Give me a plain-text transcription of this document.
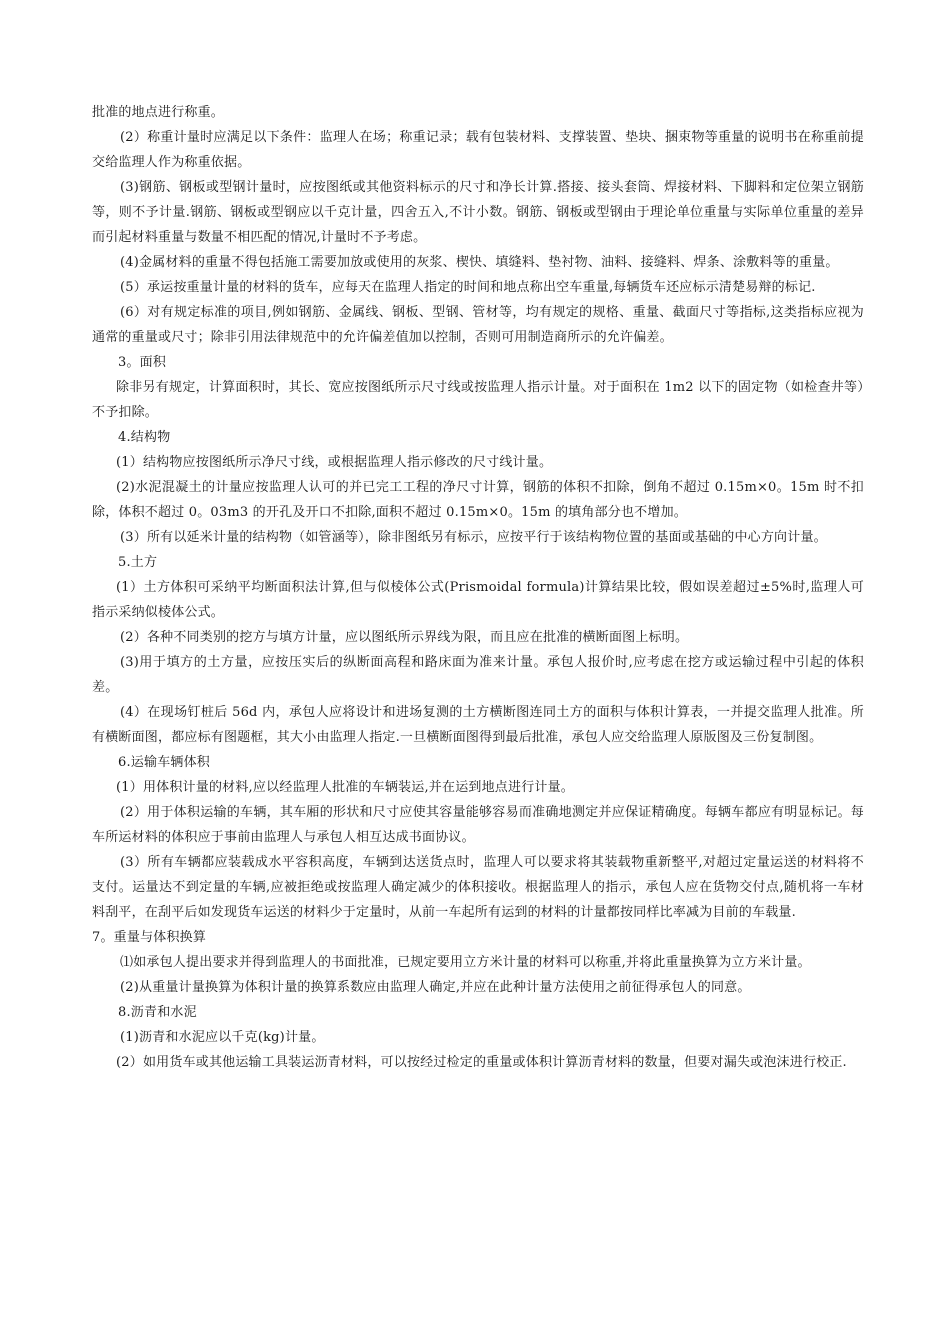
批准的地点进行称重。

(2）称重计量时应满足以下条件：监理人在场；称重记录；载有包装材料、支撑装置、垫块、捆束物等重量的说明书在称重前提交给监理人作为称重依据。

(3)钢筋、钢板或型钢计量时，应按图纸或其他资料标示的尺寸和净长计算.搭接、接头套筒、焊接材料、下脚料和定位架立钢筋等，则不予计量.钢筋、钢板或型钢应以千克计量，四舍五入,不计小数。钢筋、钢板或型钢由于理论单位重量与实际单位重量的差异而引起材料重量与数量不相匹配的情况,计量时不予考虑。

(4)金属材料的重量不得包括施工需要加放或使用的灰浆、楔快、填缝料、垫衬物、油料、接缝料、焊条、涂敷料等的重量。

(5）承运按重量计量的材料的货车，应每天在监理人指定的时间和地点称出空车重量,每辆货车还应标示清楚易辩的标记.

(6）对有规定标准的项目,例如钢筋、金属线、钢板、型钢、管材等，均有规定的规格、重量、截面尺寸等指标,这类指标应视为通常的重量或尺寸；除非引用法律规范中的允许偏差值加以控制，否则可用制造商所示的允许偏差。

3。面积

除非另有规定，计算面积时，其长、宽应按图纸所示尺寸线或按监理人指示计量。对于面积在 1m2 以下的固定物（如检查井等）不予扣除。

4.结构物

(1）结构物应按图纸所示净尺寸线，或根据监理人指示修改的尺寸线计量。

(2)水泥混凝土的计量应按监理人认可的并已完工工程的净尺寸计算，钢筋的体积不扣除，倒角不超过 0.15m×0。15m 时不扣除，体积不超过 0。03m3 的开孔及开口不扣除,面积不超过 0.15m×0。15m 的填角部分也不增加。

(3）所有以延米计量的结构物（如管涵等），除非图纸另有标示，应按平行于该结构物位置的基面或基础的中心方向计量。

5.土方

(1）土方体积可采纳平均断面积法计算,但与似棱体公式(Prismoidal formula)计算结果比较，假如误差超过±5%时,监理人可指示采纳似棱体公式。

(2）各种不同类别的挖方与填方计量，应以图纸所示界线为限，而且应在批准的横断面图上标明。

(3)用于填方的土方量，应按压实后的纵断面高程和路床面为准来计量。承包人报价时,应考虑在挖方或运输过程中引起的体积差。

(4）在现场钉桩后 56d 内，承包人应将设计和进场复测的土方横断图连同土方的面积与体积计算表，一并提交监理人批准。所有横断面图，都应标有图题框，其大小由监理人指定.一旦横断面图得到最后批准，承包人应交给监理人原版图及三份复制图。

6.运输车辆体积

(1）用体积计量的材料,应以经监理人批准的车辆装运,并在运到地点进行计量。

(2）用于体积运输的车辆，其车厢的形状和尺寸应使其容量能够容易而准确地测定并应保证精确度。每辆车都应有明显标记。每车所运材料的体积应于事前由监理人与承包人相互达成书面协议。

(3）所有车辆都应装载成水平容积高度，车辆到达送货点时，监理人可以要求将其装载物重新整平,对超过定量运送的材料将不支付。运量达不到定量的车辆,应被拒绝或按监理人确定减少的体积接收。根据监理人的指示，承包人应在货物交付点,随机将一车材料刮平，在刮平后如发现货车运送的材料少于定量时，从前一车起所有运到的材料的计量都按同样比率减为目前的车载量.

7。重量与体积换算

⑴如承包人提出要求并得到监理人的书面批准，已规定要用立方米计量的材料可以称重,并将此重量换算为立方米计量。

(2)从重量计量换算为体积计量的换算系数应由监理人确定,并应在此种计量方法使用之前征得承包人的同意。

8.沥青和水泥

(1)沥青和水泥应以千克(kg)计量。

(2）如用货车或其他运输工具装运沥青材料，可以按经过检定的重量或体积计算沥青材料的数量，但要对漏失或泡沫进行校正.
